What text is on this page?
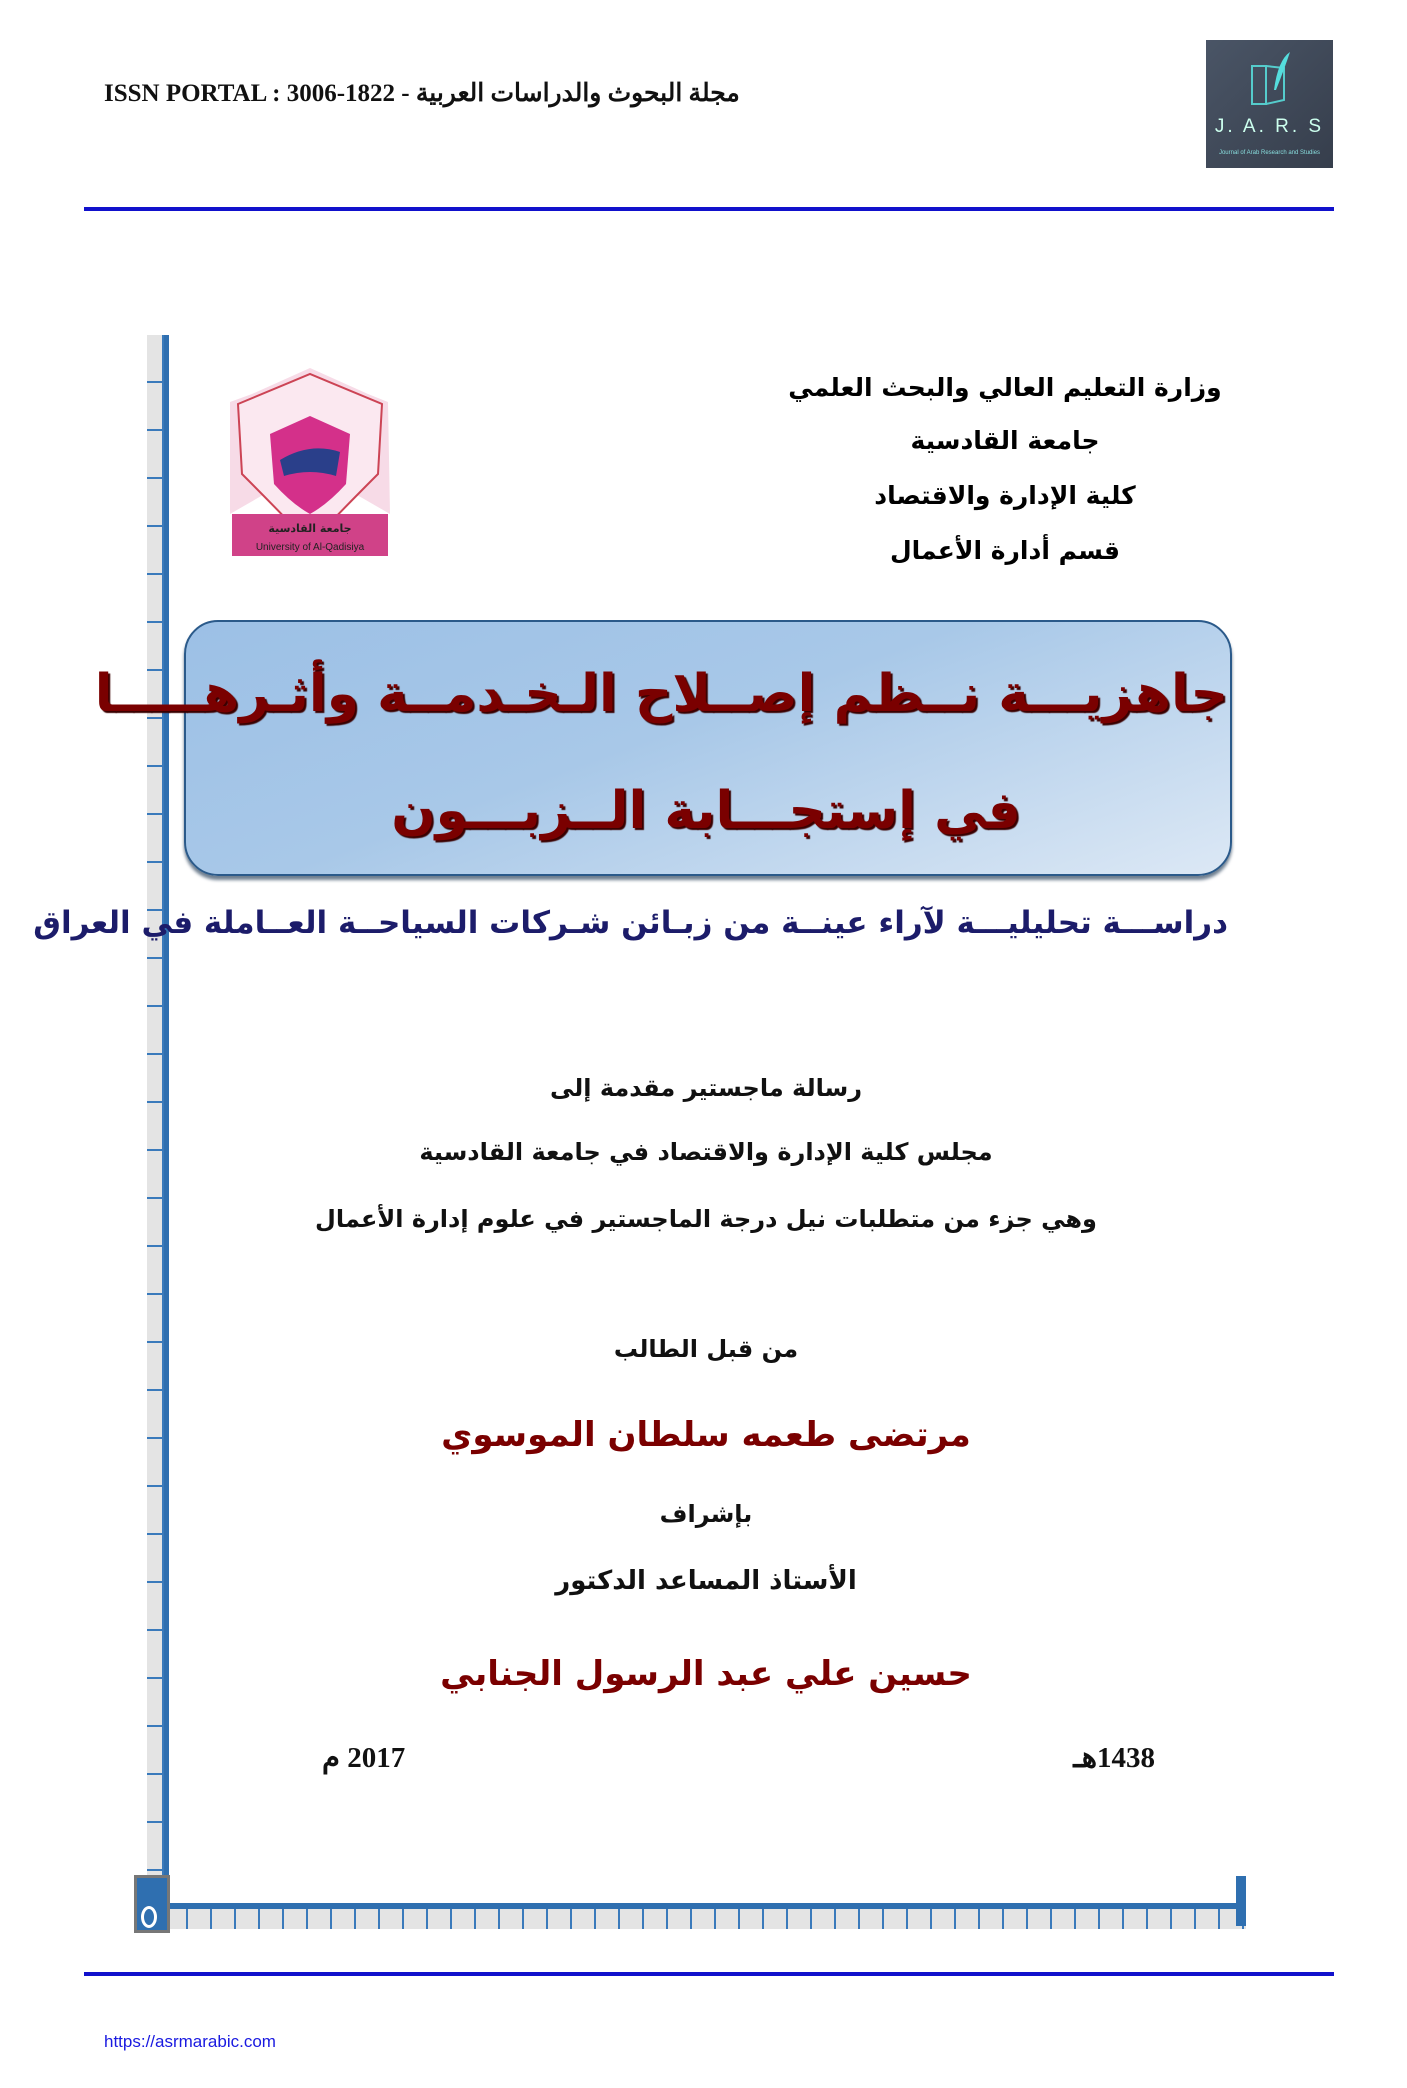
ISSN PORTAL : 3006-1822 - مجلة البحوث والدراسات العربية
J. A. R. S
Journal of Arab Research and Studies
جامعة القادسية
University of Al-Qadisiya
وزارة التعليم العالي والبحث العلمي
جامعة القادسية
كلية الإدارة والاقتصاد
قسم أدارة الأعمال
جاهزيـــة نــظم إصــلاح الـخـدمــة وأثـرهـــــا
في إستجـــابة الــزبـــون
دراســـة تحليليـــة لآراء عينــة من زبـائن شـركات السياحــة العــاملة في العراق
رسالة ماجستير مقدمة إلى
مجلس كلية الإدارة والاقتصاد في جامعة القادسية
وهي جزء من متطلبات نيل درجة الماجستير في علوم إدارة الأعمال
من قبل الطالب
مرتضى طعمه سلطان الموسوي
بإشراف
الأستاذ المساعد الدكتور
حسين علي عبد الرسول الجنابي
1438هـ
2017 م
https://asrmarabic.com
